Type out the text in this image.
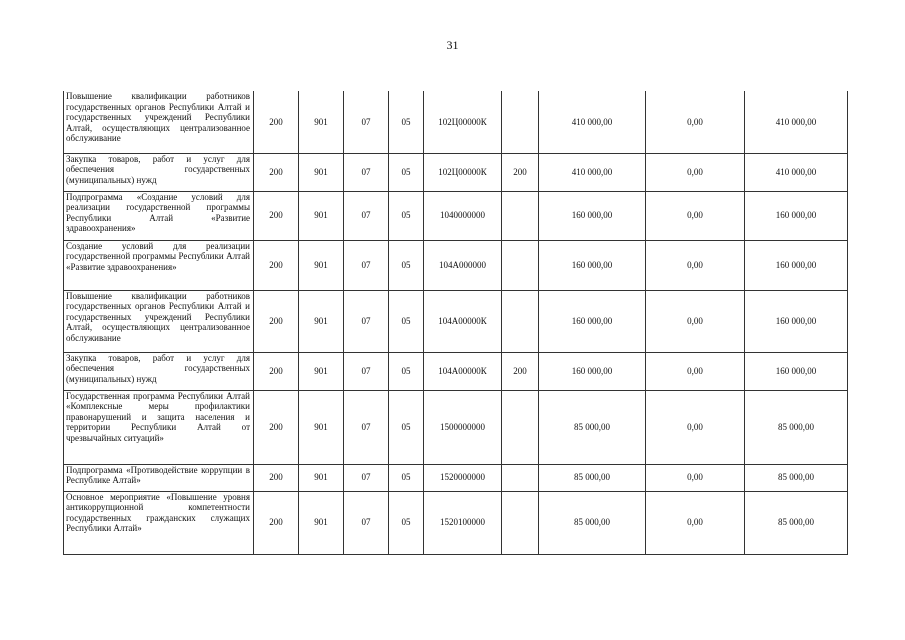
31
Повышение квалификации работников государственных органов Республики Алтай и государственных учреждений Республики Алтай, осуществляющих централизованное обслуживание	200	901	07	05	102Ц00000К		410 000,00	0,00	410 000,00
Закупка товаров, работ и услуг для обеспечения государственных (муниципальных) нужд	200	901	07	05	102Ц00000К	200	410 000,00	0,00	410 000,00
Подпрограмма «Создание условий для реализации государственной программы Республики Алтай «Развитие здравоохранения»	200	901	07	05	1040000000		160 000,00	0,00	160 000,00
Создание условий для реализации государственной программы Республики Алтай «Развитие здравоохранения»	200	901	07	05	104А000000		160 000,00	0,00	160 000,00
Повышение квалификации работников государственных органов Республики Алтай и государственных учреждений Республики Алтай, осуществляющих централизованное обслуживание	200	901	07	05	104А00000К		160 000,00	0,00	160 000,00
Закупка товаров, работ и услуг для обеспечения государственных (муниципальных) нужд	200	901	07	05	104А00000К	200	160 000,00	0,00	160 000,00
Государственная программа Республики Алтай «Комплексные меры профилактики правонарушений и защита населения и территории Республики Алтай от чрезвычайных ситуаций»	200	901	07	05	1500000000		85 000,00	0,00	85 000,00
Подпрограмма «Противодействие коррупции в Республике Алтай»	200	901	07	05	1520000000		85 000,00	0,00	85 000,00
Основное мероприятие «Повышение уровня антикоррупционной компетентности государственных гражданских служащих Республики Алтай»	200	901	07	05	1520100000		85 000,00	0,00	85 000,00
